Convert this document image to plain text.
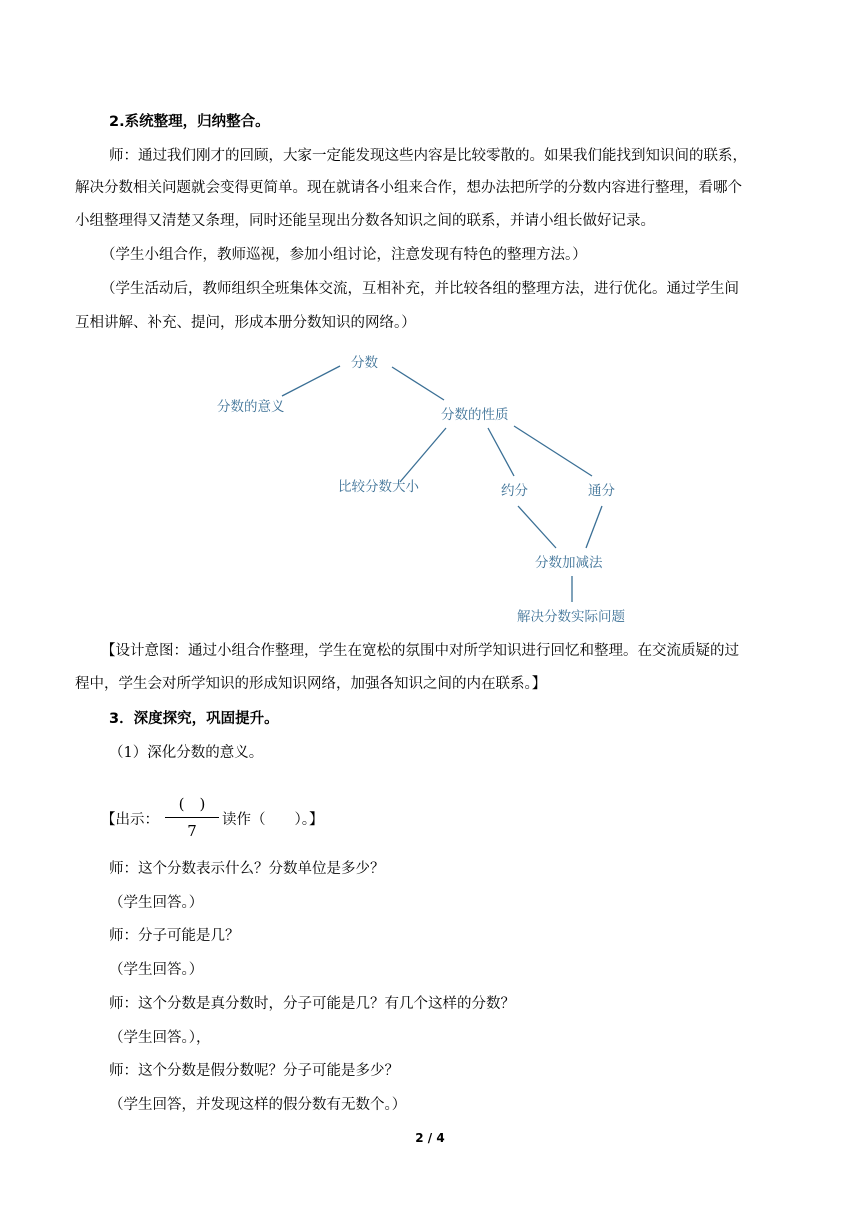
2.系统整理，归纳整合。
师：通过我们刚才的回顾，大家一定能发现这些内容是比较零散的。如果我们能找到知识间的联系，
解决分数相关问题就会变得更简单。现在就请各小组来合作，想办法把所学的分数内容进行整理，看哪个
小组整理得又清楚又条理，同时还能呈现出分数各知识之间的联系，并请小组长做好记录。
（学生小组合作，教师巡视，参加小组讨论，注意发现有特色的整理方法。）
（学生活动后，教师组织全班集体交流，互相补充，并比较各组的整理方法，进行优化。通过学生间
互相讲解、补充、提问，形成本册分数知识的网络。）
分数
分数的意义	分数的性质
比较分数大小	约分	通分
分数加减法
解决分数实际问题
【设计意图：通过小组合作整理，学生在宽松的氛围中对所学知识进行回忆和整理。在交流质疑的过
程中，学生会对所学知识的形成知识网络，加强各知识之间的内在联系。】
3．深度探究，巩固提升。
（1）深化分数的意义。
【出示：
(　)
7
读作（　　）。】
师：这个分数表示什么？分数单位是多少？
（学生回答。）
师：分子可能是几？
（学生回答。）
师：这个分数是真分数时，分子可能是几？有几个这样的分数？
（学生回答。），
师：这个分数是假分数呢？分子可能是多少？
（学生回答，并发现这样的假分数有无数个。）
2 / 4
